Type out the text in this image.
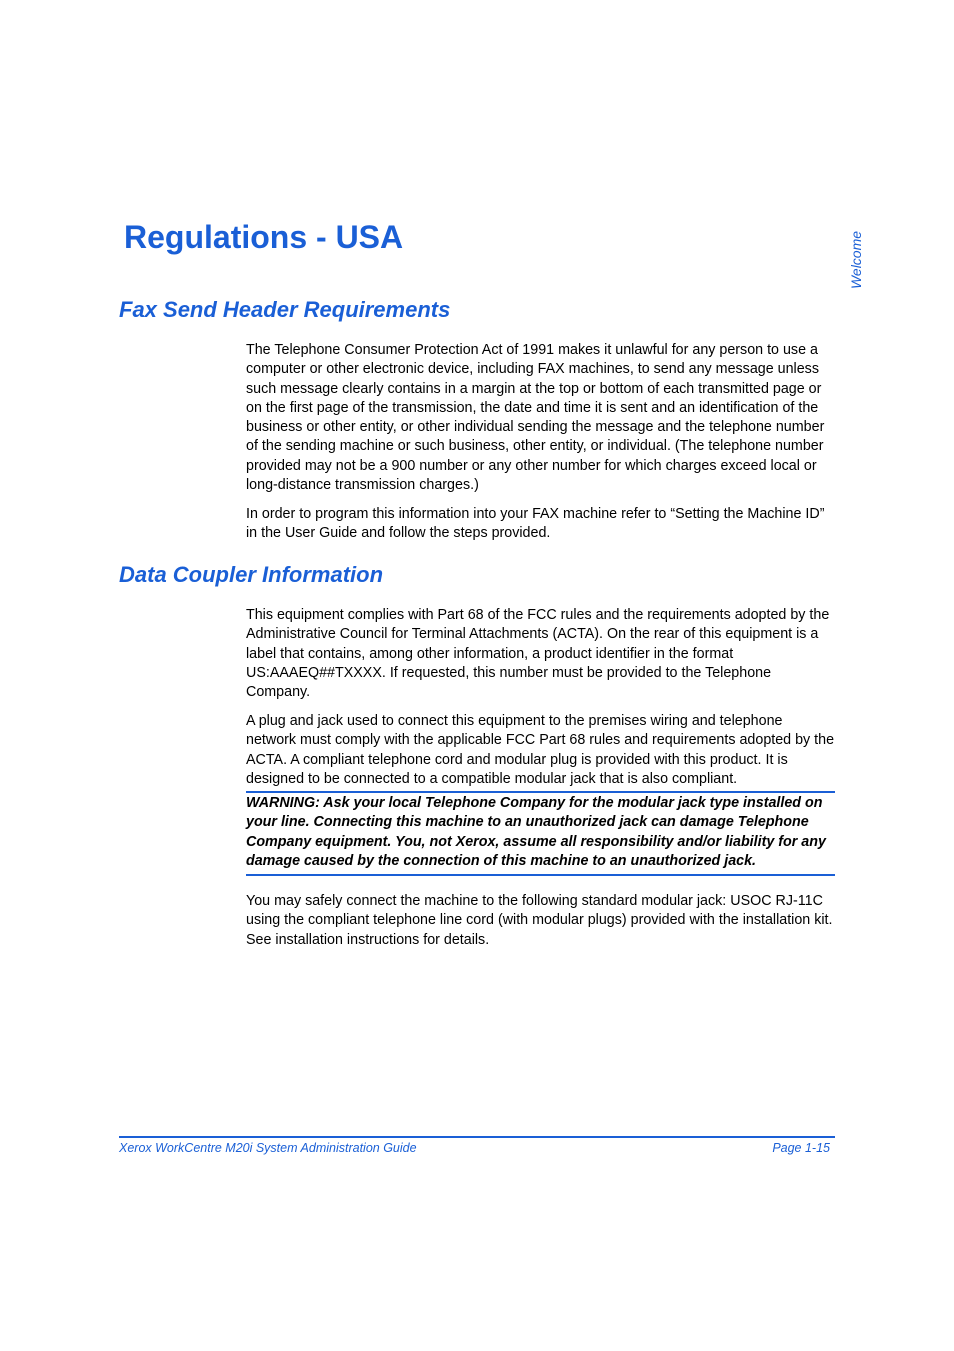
Welcome
Regulations - USA
Fax Send Header Requirements

The Telephone Consumer Protection Act of 1991 makes it unlawful for any person to use a computer or other electronic device, including FAX machines, to send any message unless such message clearly contains in a margin at the top or bottom of each transmitted page or on the first page of the transmission, the date and time it is sent and an identification of the business or other entity, or other individual sending the message and the telephone number of the sending machine or such business, other entity, or individual. (The telephone number provided may not be a 900 number or any other number for which charges exceed local or long-distance transmission charges.)

In order to program this information into your FAX machine refer to “Setting the Machine ID” in the User Guide and follow the steps provided.

Data Coupler Information

This equipment complies with Part 68 of the FCC rules and the requirements adopted by the Administrative Council for Terminal Attachments (ACTA). On the rear of this equipment is a label that contains, among other information, a product identifier in the format US:AAAEQ##TXXXX. If requested, this number must be provided to the Telephone Company.

A plug and jack used to connect this equipment to the premises wiring and telephone network must comply with the applicable FCC Part 68 rules and requirements adopted by the ACTA. A compliant telephone cord and modular plug is provided with this product. It is designed to be connected to a compatible modular jack that is also compliant.

WARNING: Ask your local Telephone Company for the modular jack type installed on your line. Connecting this machine to an unauthorized jack can damage Telephone Company equipment. You, not Xerox, assume all responsibility and/or liability for any damage caused by the connection of this machine to an unauthorized jack.

You may safely connect the machine to the following standard modular jack: USOC RJ-11C using the compliant telephone line cord (with modular plugs) provided with the installation kit. See installation instructions for details.

Xerox WorkCentre M20i System Administration Guide	Page 1-15
